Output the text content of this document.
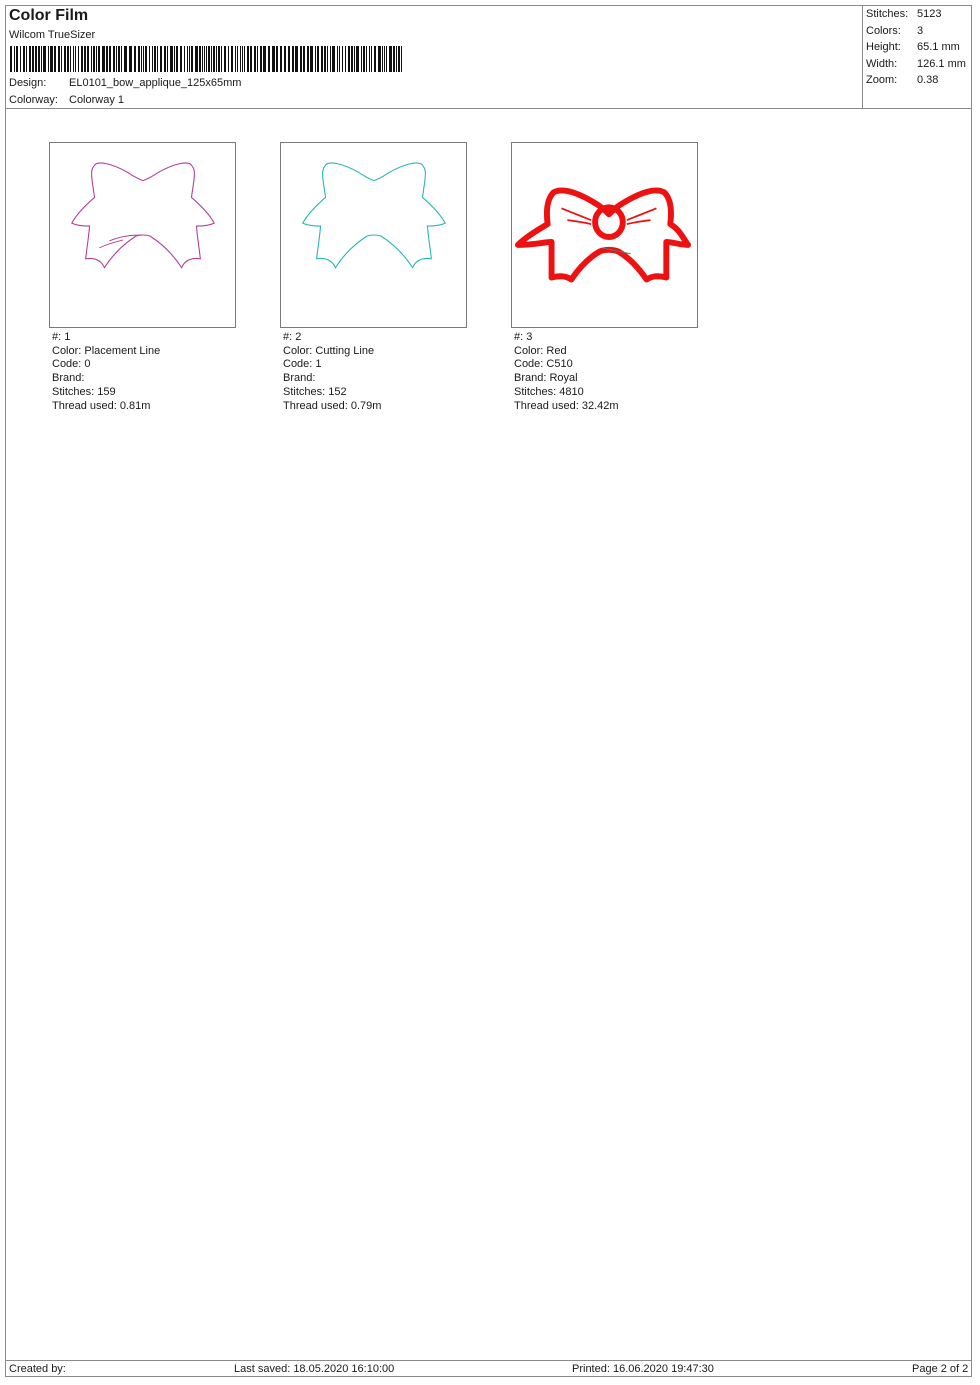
Color Film
Wilcom TrueSizer
Design: EL0101_bow_applique_125x65mm
Colorway: Colorway 1
Stitches: 5123
Colors: 3
Height: 65.1 mm
Width: 126.1 mm
Zoom: 0.38
#: 1
Color: Placement Line
Code: 0
Brand:
Stitches: 159
Thread used: 0.81m
#: 2
Color: Cutting Line
Code: 1
Brand:
Stitches: 152
Thread used: 0.79m
#: 3
Color: Red
Code: C510
Brand: Royal
Stitches: 4810
Thread used: 32.42m
Created by:	Last saved: 18.05.2020 16:10:00	Printed: 16.06.2020 19:47:30	Page 2 of 2
